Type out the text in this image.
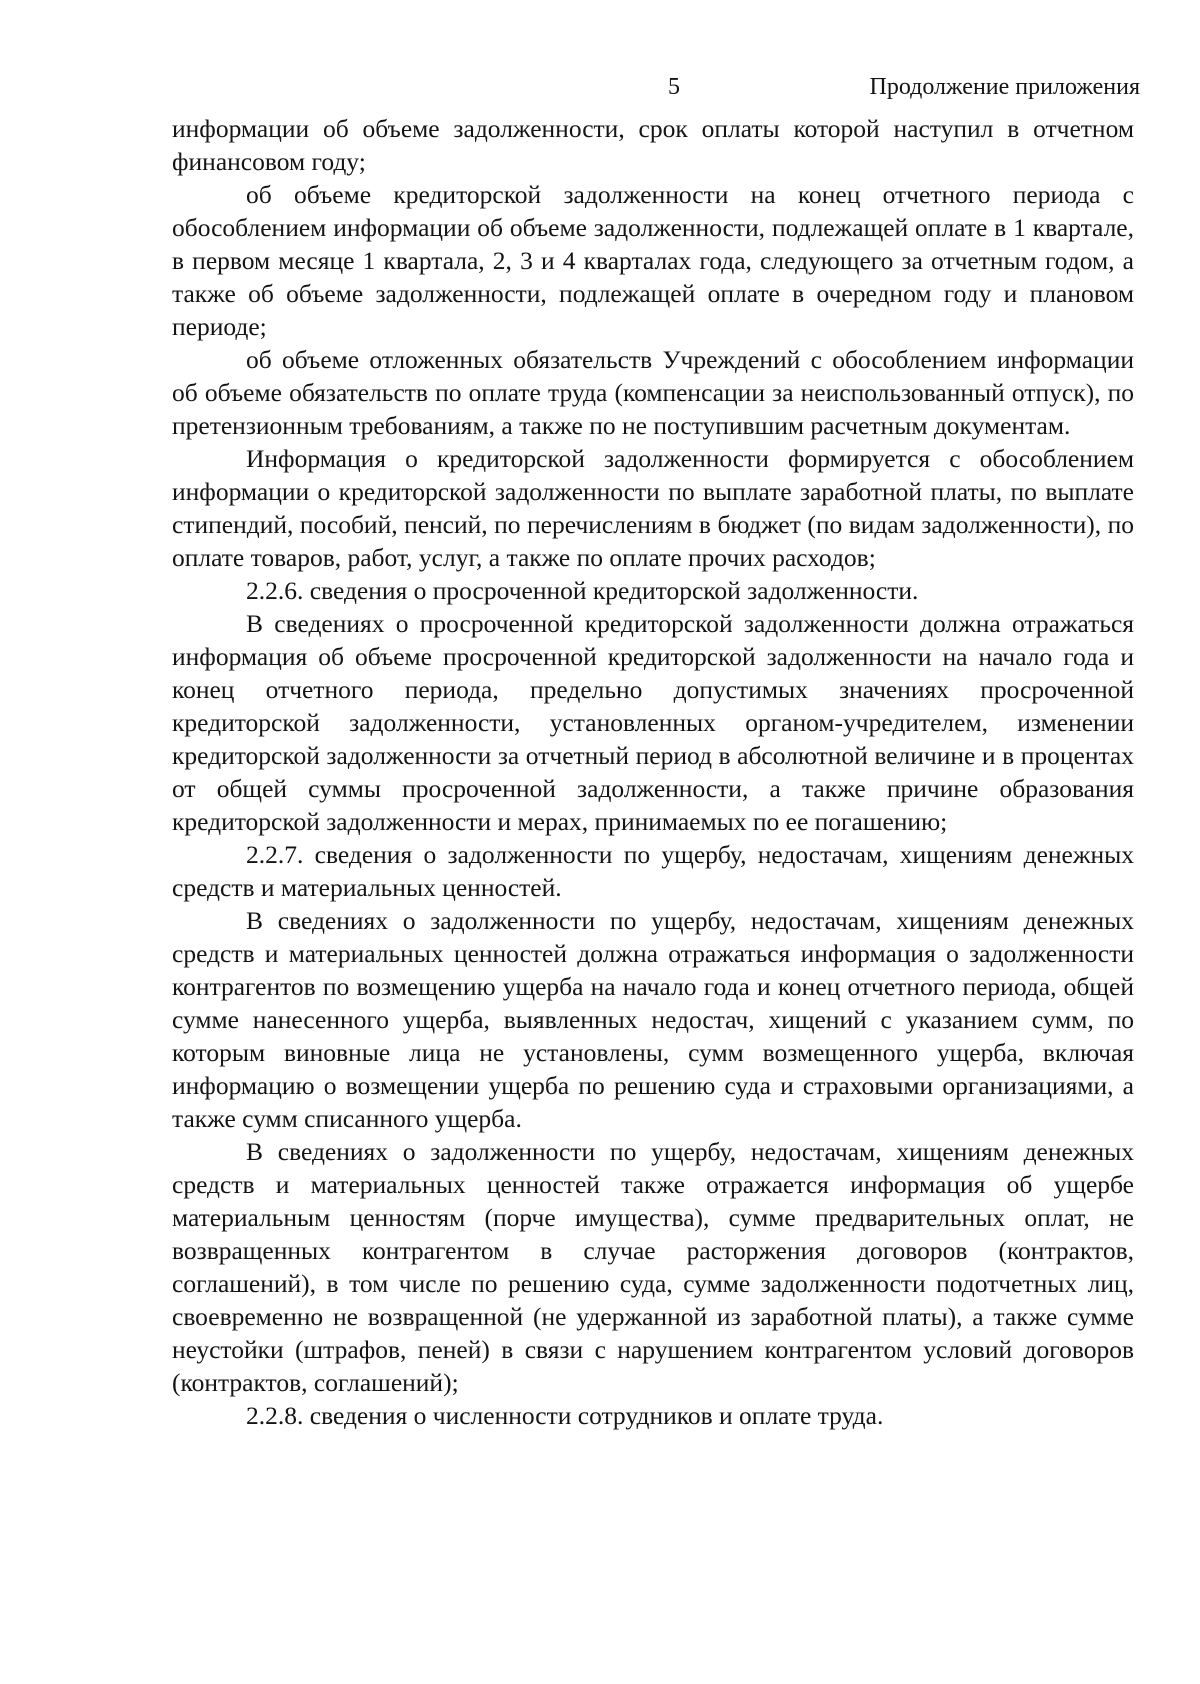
5	Продолжение приложения

информации об объеме задолженности, срок оплаты которой наступил в отчетном финансовом году;

об объеме кредиторской задолженности на конец отчетного периода с обособлением информации об объеме задолженности, подлежащей оплате в 1 квартале, в первом месяце 1 квартала, 2, 3 и 4 кварталах года, следующего за отчетным годом, а также об объеме задолженности, подлежащей оплате в очередном году и плановом периоде;

об объеме отложенных обязательств Учреждений с обособлением информации об объеме обязательств по оплате труда (компенсации за неиспользованный отпуск), по претензионным требованиям, а также по не поступившим расчетным документам.

Информация о кредиторской задолженности формируется с обособлением информации о кредиторской задолженности по выплате заработной платы, по выплате стипендий, пособий, пенсий, по перечислениям в бюджет (по видам задолженности), по оплате товаров, работ, услуг, а также по оплате прочих расходов;

2.2.6. сведения о просроченной кредиторской задолженности.

В сведениях о просроченной кредиторской задолженности должна отражаться информация об объеме просроченной кредиторской задолженности на начало года и конец отчетного периода, предельно допустимых значениях просроченной кредиторской задолженности, установленных органом-учредителем, изменении кредиторской задолженности за отчетный период в абсолютной величине и в процентах от общей суммы просроченной задолженности, а также причине образования кредиторской задолженности и мерах, принимаемых по ее погашению;

2.2.7. сведения о задолженности по ущербу, недостачам, хищениям денежных средств и материальных ценностей.

В сведениях о задолженности по ущербу, недостачам, хищениям денежных средств и материальных ценностей должна отражаться информация о задолженности контрагентов по возмещению ущерба на начало года и конец отчетного периода, общей сумме нанесенного ущерба, выявленных недостач, хищений с указанием сумм, по которым виновные лица не установлены, сумм возмещенного ущерба, включая информацию о возмещении ущерба по решению суда и страховыми организациями, а также сумм списанного ущерба.

В сведениях о задолженности по ущербу, недостачам, хищениям денежных средств и материальных ценностей также отражается информация об ущербе материальным ценностям (порче имущества), сумме предварительных оплат, не возвращенных контрагентом в случае расторжения договоров (контрактов, соглашений), в том числе по решению суда, сумме задолженности подотчетных лиц, своевременно не возвращенной (не удержанной из заработной платы), а также сумме неустойки (штрафов, пеней) в связи с нарушением контрагентом условий договоров (контрактов, соглашений);

2.2.8. сведения о численности сотрудников и оплате труда.
